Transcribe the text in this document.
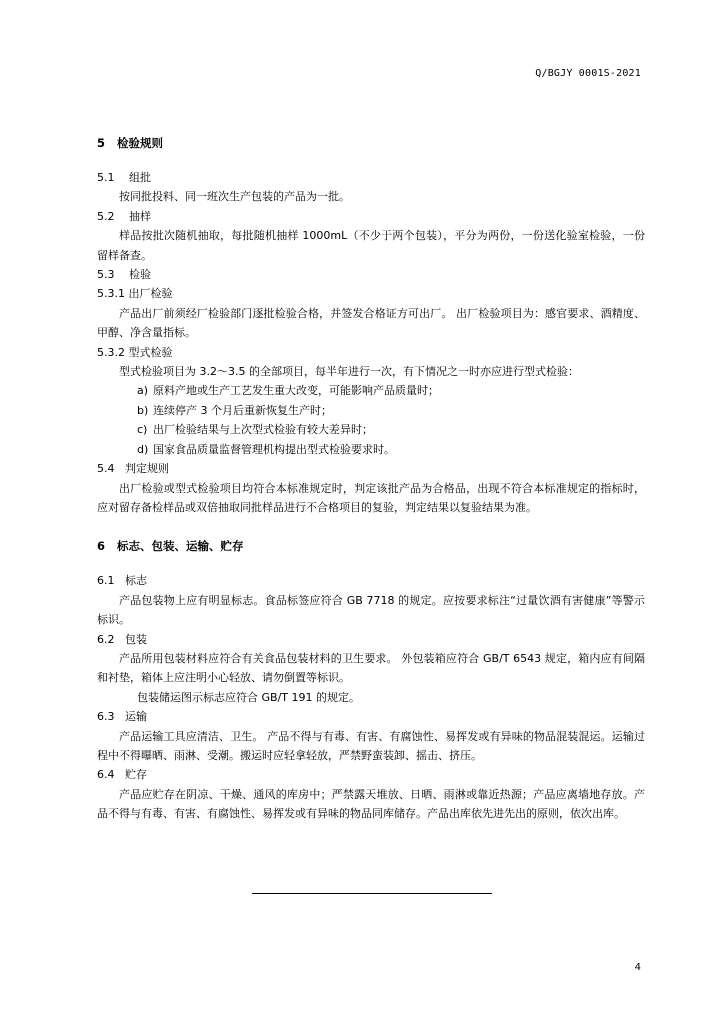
Q/BGJY 0001S-2021
5 检验规则
5.1 组批
按同批投料、同一班次生产包装的产品为一批。
5.2 抽样
样品按批次随机抽取，每批随机抽样 1000mL（不少于两个包装），平分为两份，一份送化验室检验，一份留样备查。
5.3 检验
5.3.1 出厂检验
产品出厂前须经厂检验部门逐批检验合格，并签发合格证方可出厂。 出厂检验项目为：感官要求、酒精度、甲醇、净含量指标。
5.3.2 型式检验
型式检验项目为 3.2～3.5 的全部项目，每半年进行一次，有下情况之一时亦应进行型式检验：
a) 原料产地或生产工艺发生重大改变，可能影响产品质量时；
b) 连续停产 3 个月后重新恢复生产时；
c) 出厂检验结果与上次型式检验有较大差异时；
d) 国家食品质量监督管理机构提出型式检验要求时。
5.4 判定规则
出厂检验或型式检验项目均符合本标准规定时，判定该批产品为合格品，出现不符合本标准规定的指标时，应对留存备检样品或双倍抽取同批样品进行不合格项目的复验，判定结果以复验结果为准。
6 标志、包装、运输、贮存
6.1 标志
产品包装物上应有明显标志。食品标签应符合 GB 7718 的规定。应按要求标注“过量饮酒有害健康”等警示标识。
6.2 包装
产品所用包装材料应符合有关食品包装材料的卫生要求。 外包装箱应符合 GB/T 6543 规定，箱内应有间隔和衬垫，箱体上应注明小心轻放、请勿倒置等标识。
包装储运图示标志应符合 GB/T 191 的规定。
6.3 运输
产品运输工具应清洁、卫生。 产品不得与有毒、有害、有腐蚀性、易挥发或有异味的物品混装混运。运输过程中不得曝晒、雨淋、受潮。搬运时应轻拿轻放，严禁野蛮装卸、摇击、挤压。
6.4 贮存
产品应贮存在阴凉、干燥、通风的库房中；严禁露天堆放、日晒、雨淋或靠近热源；产品应离墙地存放。产品不得与有毒、有害、有腐蚀性、易挥发或有异味的物品同库储存。产品出库依先进先出的原则，依次出库。
4
